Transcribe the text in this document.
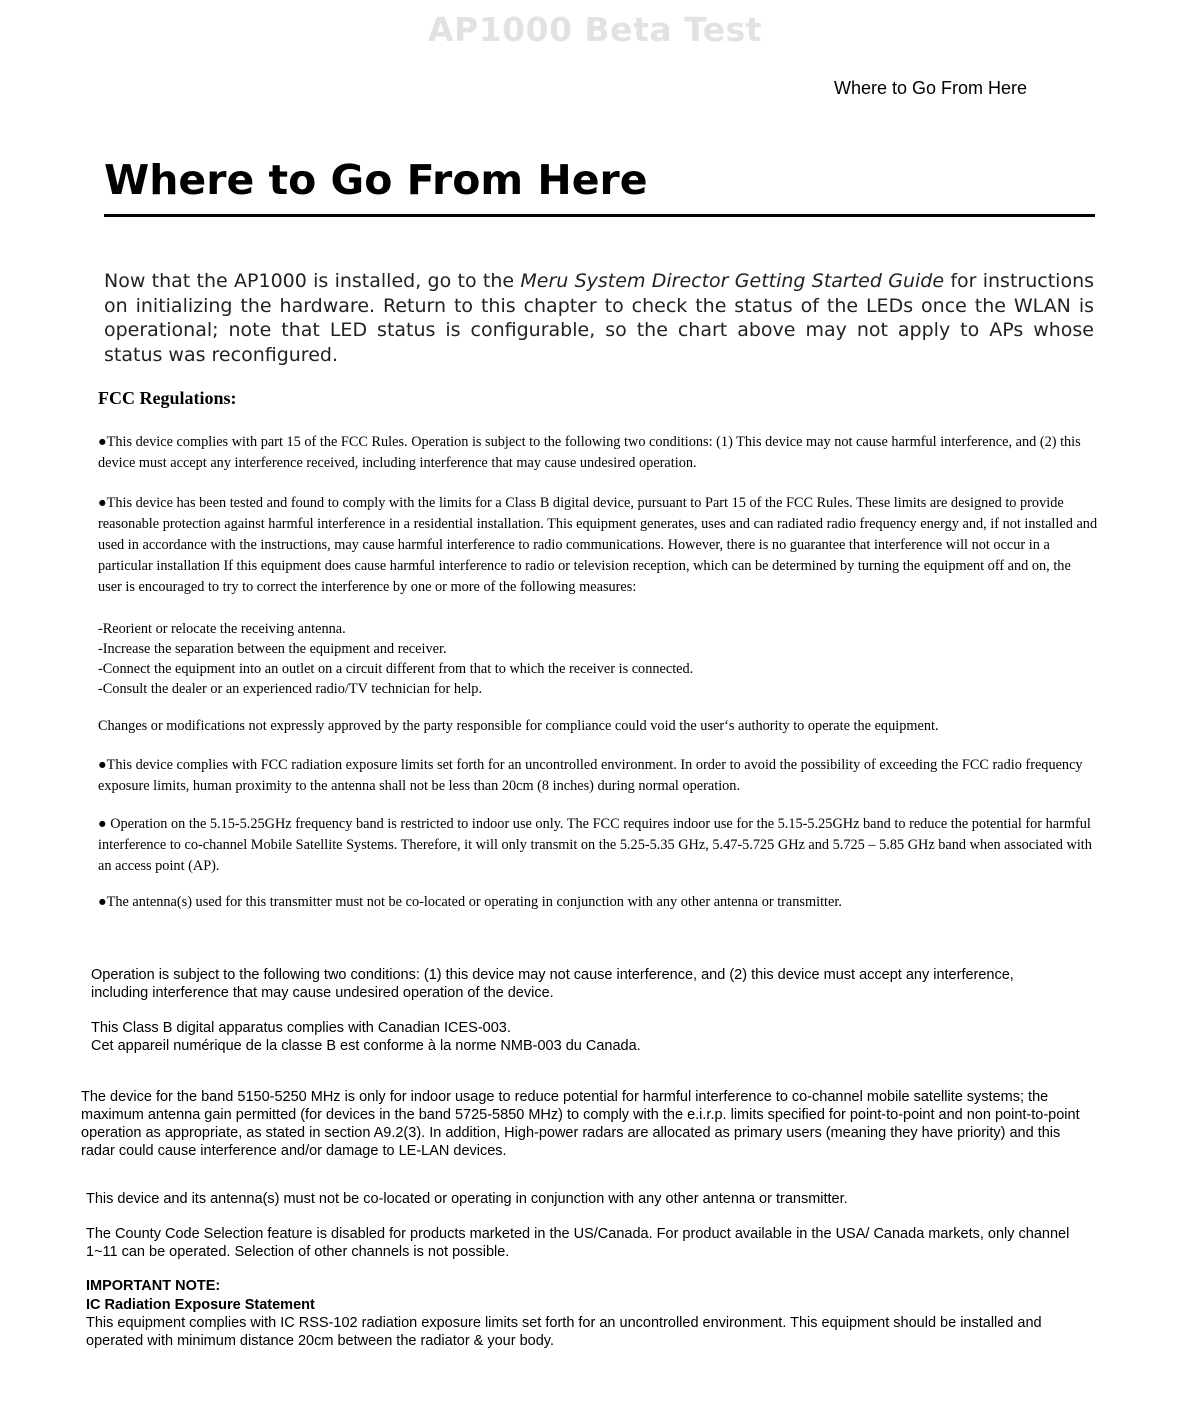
AP1000 Beta Test
Where to Go From Here
Where to Go From Here

Now that the AP1000 is installed, go to the Meru System Director Getting Started Guide for instructions on initializing the hardware. Return to this chapter to check the status of the LEDs once the WLAN is operational; note that LED status is configurable, so the chart above may not apply to APs whose status was reconfigured.

FCC Regulations:

●This device complies with part 15 of the FCC Rules. Operation is subject to the following two conditions: (1) This device may not cause harmful interference, and (2) this device must accept any interference received, including interference that may cause undesired operation.

●This device has been tested and found to comply with the limits for a Class B digital device, pursuant to Part 15 of the FCC Rules. These limits are designed to provide reasonable protection against harmful interference in a residential installation. This equipment generates, uses and can radiated radio frequency energy and, if not installed and used in accordance with the instructions, may cause harmful interference to radio communications. However, there is no guarantee that interference will not occur in a particular installation If this equipment does cause harmful interference to radio or television reception, which can be determined by turning the equipment off and on, the user is encouraged to try to correct the interference by one or more of the following measures:

-Reorient or relocate the receiving antenna.
-Increase the separation between the equipment and receiver.
-Connect the equipment into an outlet on a circuit different from that to which the receiver is connected.
-Consult the dealer or an experienced radio/TV technician for help.

Changes or modifications not expressly approved by the party responsible for compliance could void the user‘s authority to operate the equipment.

●This device complies with FCC radiation exposure limits set forth for an uncontrolled environment. In order to avoid the possibility of exceeding the FCC radio frequency exposure limits, human proximity to the antenna shall not be less than 20cm (8 inches) during normal operation.

● Operation on the 5.15-5.25GHz frequency band is restricted to indoor use only. The FCC requires indoor use for the 5.15-5.25GHz band to reduce the potential for harmful interference to co-channel Mobile Satellite Systems. Therefore, it will only transmit on the 5.25-5.35 GHz, 5.47-5.725 GHz and 5.725 – 5.85 GHz band when associated with an access point (AP).

●The antenna(s) used for this transmitter must not be co-located or operating in conjunction with any other antenna or transmitter.

Operation is subject to the following two conditions: (1) this device may not cause interference, and (2) this device must accept any interference, including interference that may cause undesired operation of the device.

This Class B digital apparatus complies with Canadian ICES-003.
Cet appareil numérique de la classe B est conforme à la norme NMB-003 du Canada.

The device for the band 5150-5250 MHz is only for indoor usage to reduce potential for harmful interference to co-channel mobile satellite systems; the maximum antenna gain permitted (for devices in the band 5725-5850 MHz) to comply with the e.i.r.p. limits specified for point-to-point and non point-to-point operation as appropriate, as stated in section A9.2(3). In addition, High-power radars are allocated as primary users (meaning they have priority) and this radar could cause interference and/or damage to LE-LAN devices.

This device and its antenna(s) must not be co-located or operating in conjunction with any other antenna or transmitter.

The County Code Selection feature is disabled for products marketed in the US/Canada. For product available in the USA/ Canada markets, only channel 1~11 can be operated. Selection of other channels is not possible.

IMPORTANT NOTE:
IC Radiation Exposure Statement

This equipment complies with IC RSS-102 radiation exposure limits set forth for an uncontrolled environment. This equipment should be installed and operated with minimum distance 20cm between the radiator & your body.
